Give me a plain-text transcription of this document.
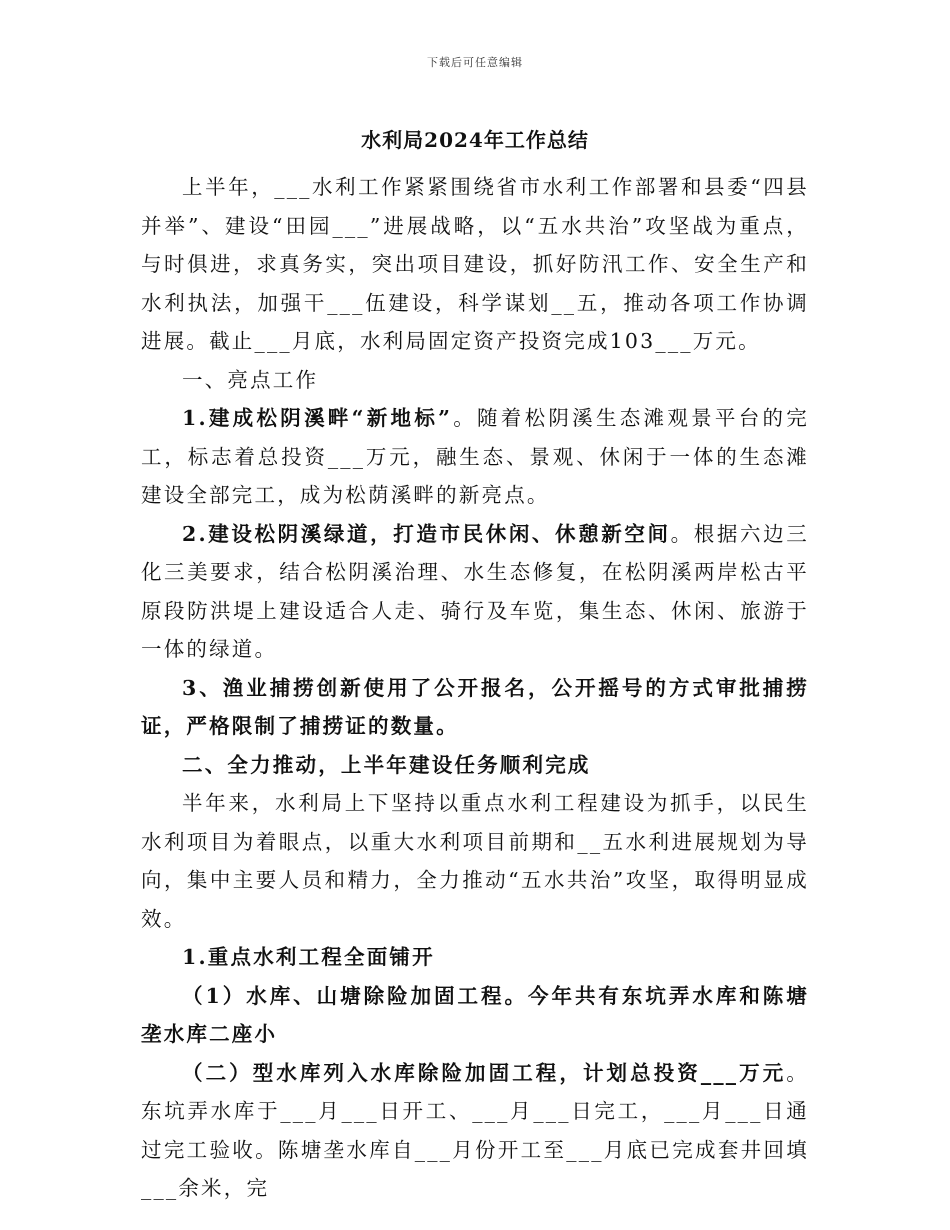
下载后可任意编辑
水利局2024年工作总结

上半年，___水利工作紧紧围绕省市水利工作部署和县委“四县并举”、建设“田园___”进展战略，以“五水共治”攻坚战为重点，与时俱进，求真务实，突出项目建设，抓好防汛工作、安全生产和水利执法，加强干___伍建设，科学谋划__五，推动各项工作协调进展。截止___月底，水利局固定资产投资完成103___万元。

一、亮点工作

1.建成松阴溪畔“新地标”。随着松阴溪生态滩观景平台的完工，标志着总投资___万元，融生态、景观、休闲于一体的生态滩建设全部完工，成为松荫溪畔的新亮点。

2.建设松阴溪绿道，打造市民休闲、休憩新空间。根据六边三化三美要求，结合松阴溪治理、水生态修复，在松阴溪两岸松古平原段防洪堤上建设适合人走、骑行及车览，集生态、休闲、旅游于一体的绿道。

3、渔业捕捞创新使用了公开报名，公开摇号的方式审批捕捞证，严格限制了捕捞证的数量。

二、全力推动，上半年建设任务顺利完成

半年来，水利局上下坚持以重点水利工程建设为抓手，以民生水利项目为着眼点，以重大水利项目前期和__五水利进展规划为导向，集中主要人员和精力，全力推动“五水共治”攻坚，取得明显成效。

1.重点水利工程全面铺开

（1）水库、山塘除险加固工程。今年共有东坑弄水库和陈塘垄水库二座小

（二）型水库列入水库除险加固工程，计划总投资___万元。东坑弄水库于___月___日开工、___月___日完工，___月___日通过完工验收。陈塘垄水库自___月份开工至___月底已完成套井回填___余米，完
